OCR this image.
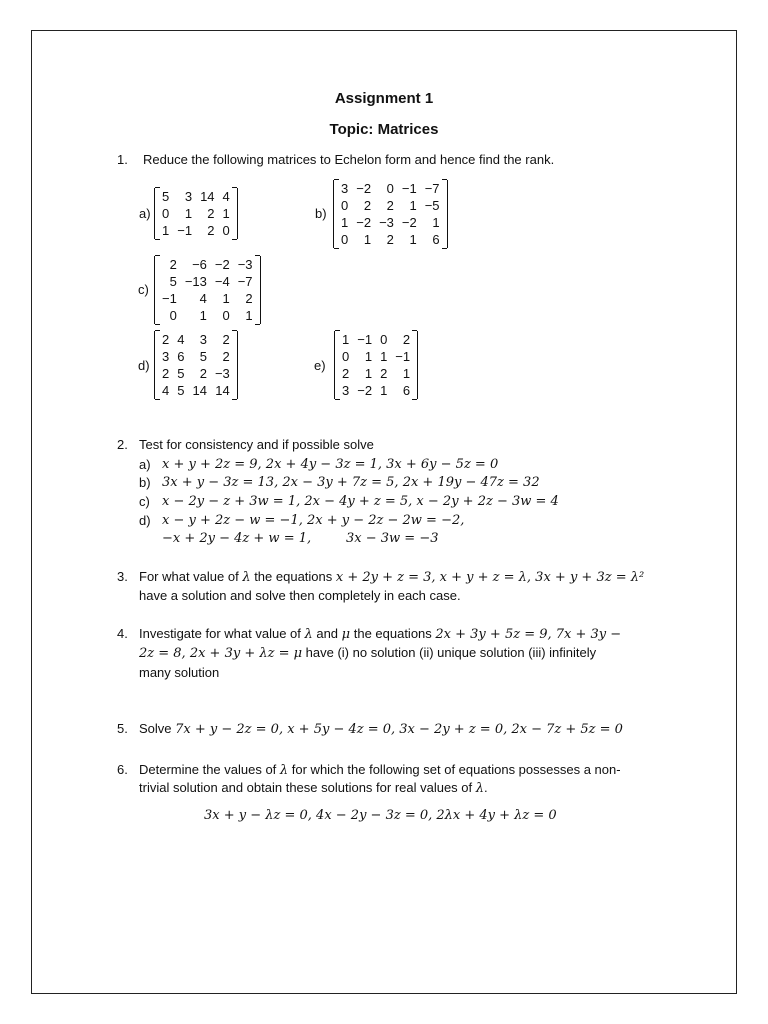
Assignment 1
Topic: Matrices
1. Reduce the following matrices to Echelon form and hence find the rank.
a)
5	3	14	4
0	1	2	1
1	−1	2	0
b)
3	−2	0	−1	−7
0	2	2	1	−5
1	−2	−3	−2	1
0	1	2	1	6
c)
2	−6	−2	−3
5	−13	−4	−7
−1	4	1	2
0	1	0	1
d)
2	4	3	2
3	6	5	2
2	5	2	−3
4	5	14	14
e)
1	−1	0	2
0	1	1	−1
2	1	2	1
3	−2	1	6
2. Test for consistency and if possible solve
a) x + y + 2z = 9, 2x + 4y − 3z = 1, 3x + 6y − 5z = 0
b) 3x + y − 3z = 13, 2x − 3y + 7z = 5, 2x + 19y − 47z = 32
c) x − 2y − z + 3w = 1, 2x − 4y + z = 5, x − 2y + 2z − 3w = 4
d) x − y + 2z − w = −1, 2x + y − 2z − 2w = −2,
−x + 2y − 4z + w = 1,	3x − 3w = −3
3. For what value of λ the equations x + 2y + z = 3, x + y + z = λ, 3x + y + 3z = λ²
have a solution and solve then completely in each case.
4. Investigate for what value of λ and μ the equations 2x + 3y + 5z = 9, 7x + 3y −
2z = 8, 2x + 3y + λz = μ have (i) no solution (ii) unique solution (iii) infinitely
many solution
5. Solve 7x + y − 2z = 0, x + 5y − 4z = 0, 3x − 2y + z = 0, 2x − 7z + 5z = 0
6. Determine the values of λ for which the following set of equations possesses a non-
trivial solution and obtain these solutions for real values of λ.
3x + y − λz = 0, 4x − 2y − 3z = 0, 2λx + 4y + λz = 0
